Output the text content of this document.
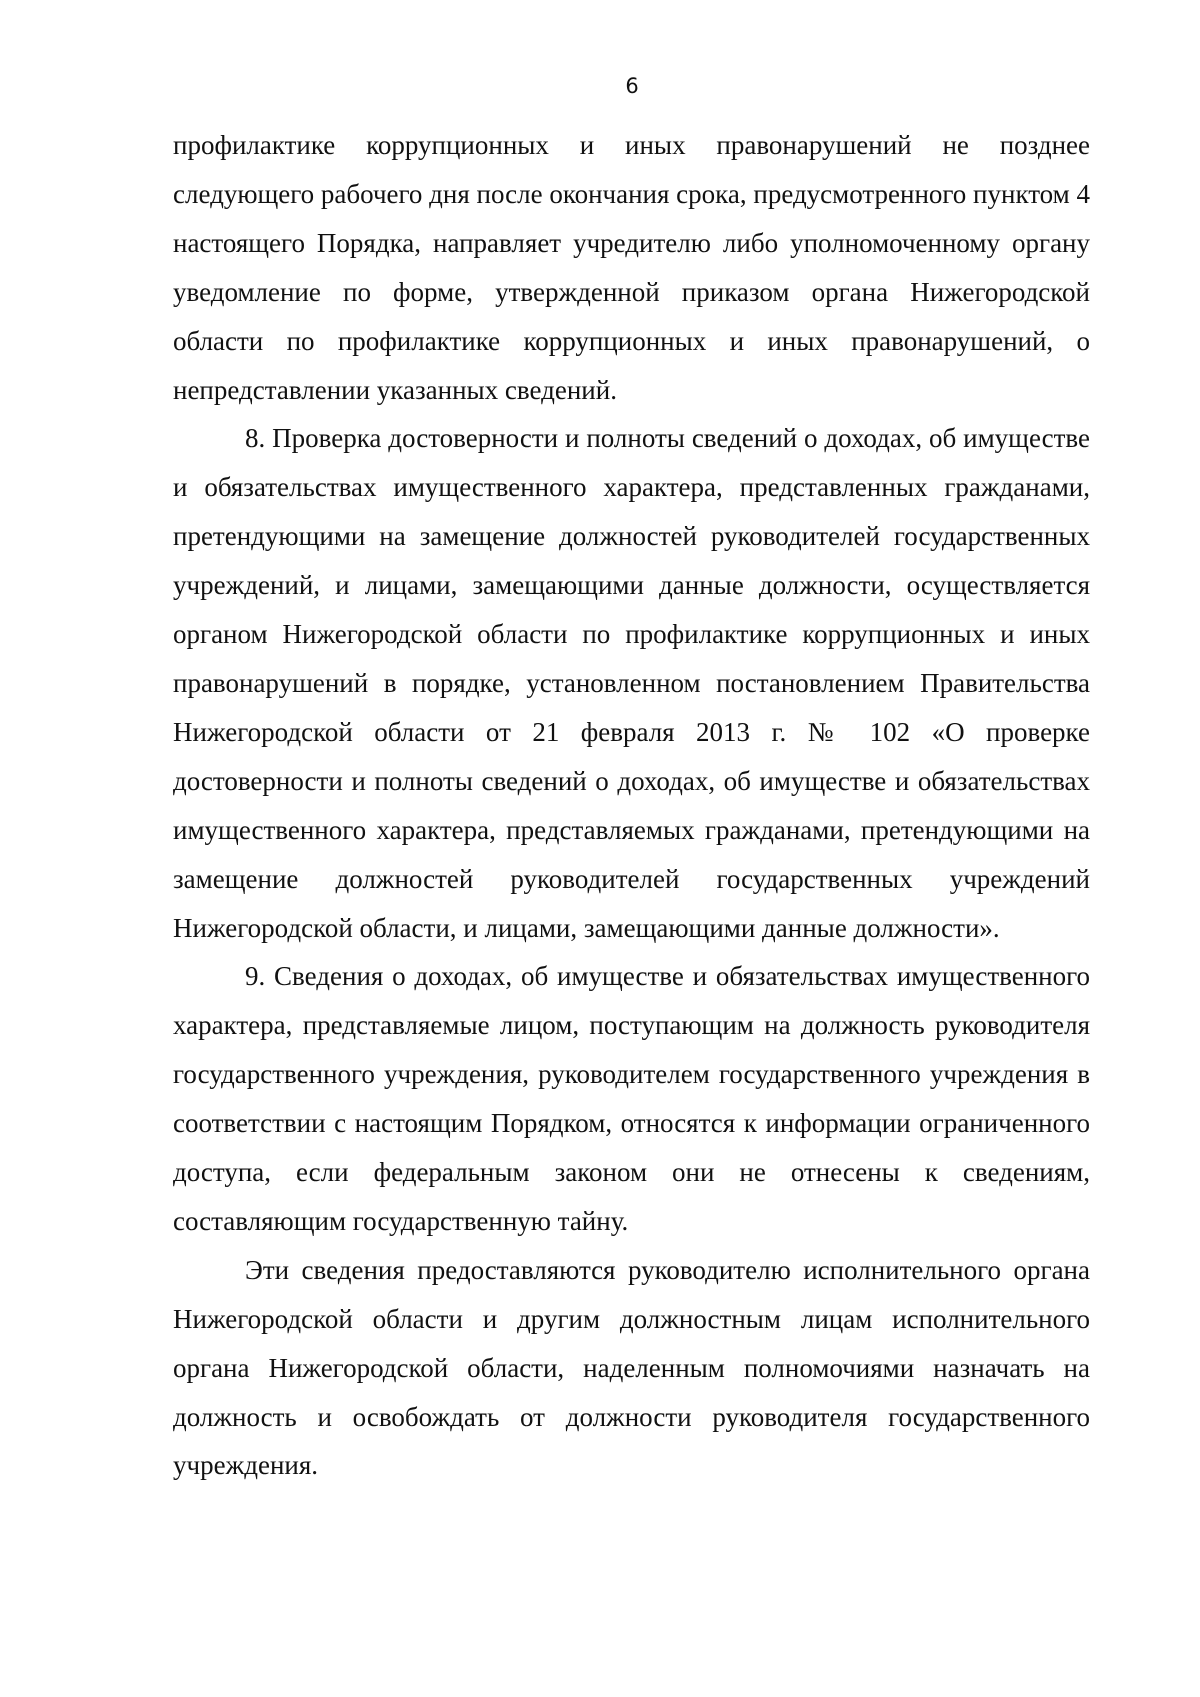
6

профилактике коррупционных и иных правонарушений не позднее следующего рабочего дня после окончания срока, предусмотренного пунктом 4 настоящего Порядка, направляет учредителю либо уполномоченному органу уведомление по форме, утвержденной приказом органа Нижегородской области по профилактике коррупционных и иных правонарушений, о непредставлении указанных сведений.

8. Проверка достоверности и полноты сведений о доходах, об имуществе и обязательствах имущественного характера, представленных гражданами, претендующими на замещение должностей руководителей государственных учреждений, и лицами, замещающими данные должности, осуществляется органом Нижегородской области по профилактике коррупционных и иных правонарушений в порядке, установленном постановлением Правительства Нижегородской области от 21 февраля 2013 г. № 102 «О проверке достоверности и полноты сведений о доходах, об имуществе и обязательствах имущественного характера, представляемых гражданами, претендующими на замещение должностей руководителей государственных учреждений Нижегородской области, и лицами, замещающими данные должности».

9. Сведения о доходах, об имуществе и обязательствах имущественного характера, представляемые лицом, поступающим на должность руководителя государственного учреждения, руководителем государственного учреждения в соответствии с настоящим Порядком, относятся к информации ограниченного доступа, если федеральным законом они не отнесены к сведениям, составляющим государственную тайну.

Эти сведения предоставляются руководителю исполнительного органа Нижегородской области и другим должностным лицам исполнительного органа Нижегородской области, наделенным полномочиями назначать на должность и освобождать от должности руководителя государственного учреждения.
